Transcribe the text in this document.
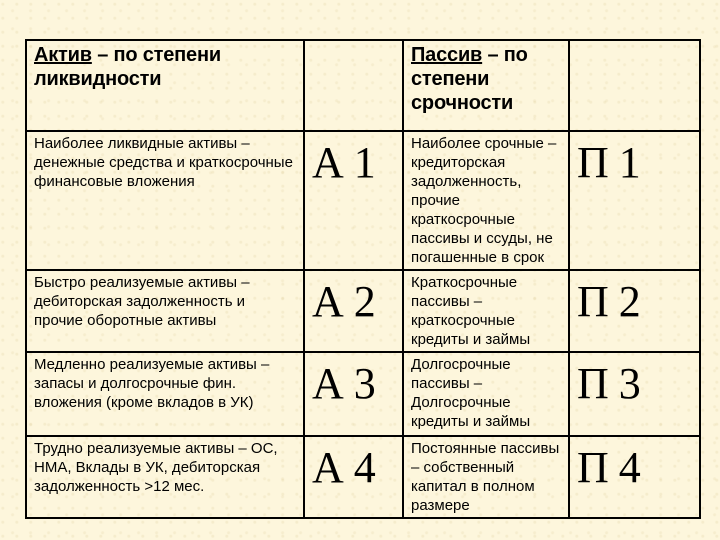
Актив – по степени ликвидности		Пассив – по степени срочности	

Наиболее ликвидные активы – денежные средства и краткосрочные финансовые вложения	А 1	Наиболее срочные – кредиторская задолженность, прочие краткосрочные пассивы и ссуды, не погашенные в срок	П 1

Быстро реализуемые активы – дебиторская задолженность и прочие оборотные активы	А 2	Краткосрочные пассивы – краткосрочные кредиты и займы	П 2

Медленно реализуемые активы – запасы и долгосрочные фин. вложения (кроме вкладов в УК)	А 3	Долгосрочные пассивы – Долгосрочные кредиты и займы	П 3

Трудно реализуемые активы – ОС, НМА, Вклады в УК, дебиторская задолженность >12 мес.	А 4	Постоянные пассивы – собственный капитал в полном размере	П 4
